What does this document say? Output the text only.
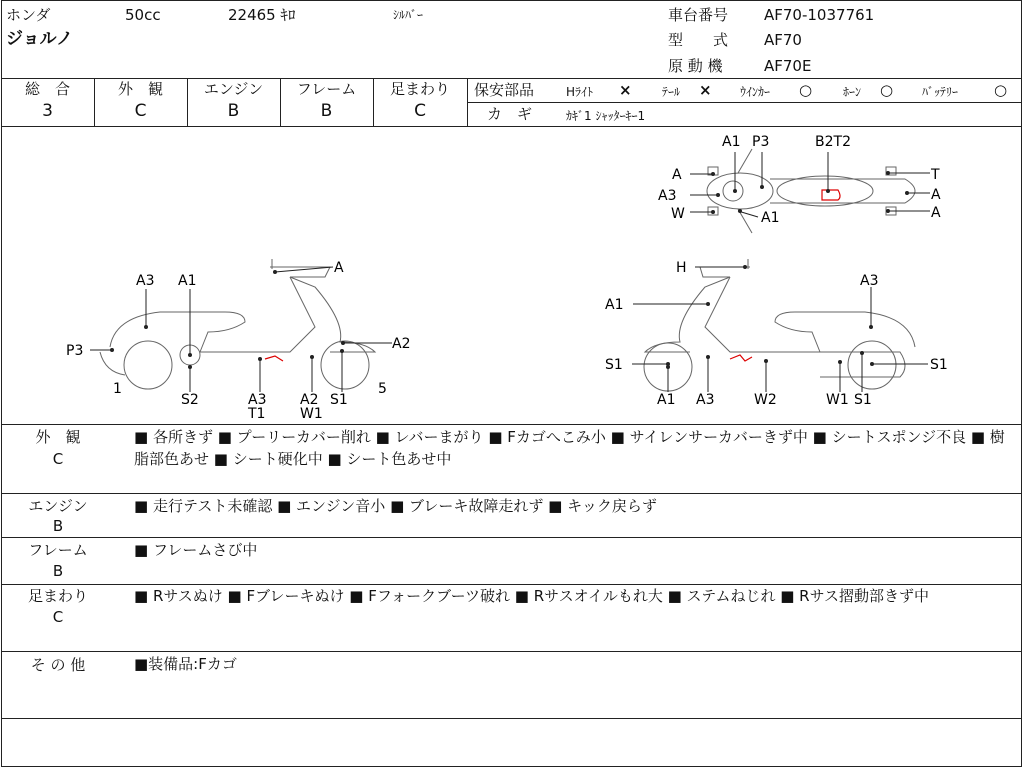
ホンダ	50cc	22465 ｷﾛ	ｼﾙﾊﾞｰ
ジョルノ
車台番号 AF70-1037761
型　　式 AF70
原 動 機	AF70E
総　合
3
外　観
C
エンジン
B
フレーム
B
足まわり
C
保安部品	Hﾗｲﾄ ×	ﾃｰﾙ × ｳｲﾝｶｰ ○	ﾎｰﾝ ○ ﾊﾞｯﾃﾘｰ ○
カ　ギ	ｶｷﾞ1 ｼｬｯﾀｰｷｰ1
A1 P3	B2T2
A
A3
W	A1
T
A
A
A
A3 A1
P3	A2
1
S2	A3
T1
A2
W1
S1
5
H
A3
A1
S1	S1
A1 A3	W2	W1 S1
外　観
C
■ 各所きず ■ プーリーカバー削れ ■ レバーまがり ■ Fカゴへこみ小 ■ サイレンサーカバーきず中 ■ シートスポンジ不良 ■ 樹脂部色あせ ■ シート硬化中 ■ シート色あせ中
エンジン
B
■ 走行テスト未確認 ■ エンジン音小 ■ ブレーキ故障走れず ■ キック戻らず
フレーム
B
■ フレームさび中
足まわり
C
■ Rサスぬけ ■ Fブレーキぬけ ■ Fフォークブーツ破れ ■ Rサスオイルもれ大 ■ ステムねじれ ■ Rサス摺動部きず中
そ の 他	■装備品:Fカゴ
